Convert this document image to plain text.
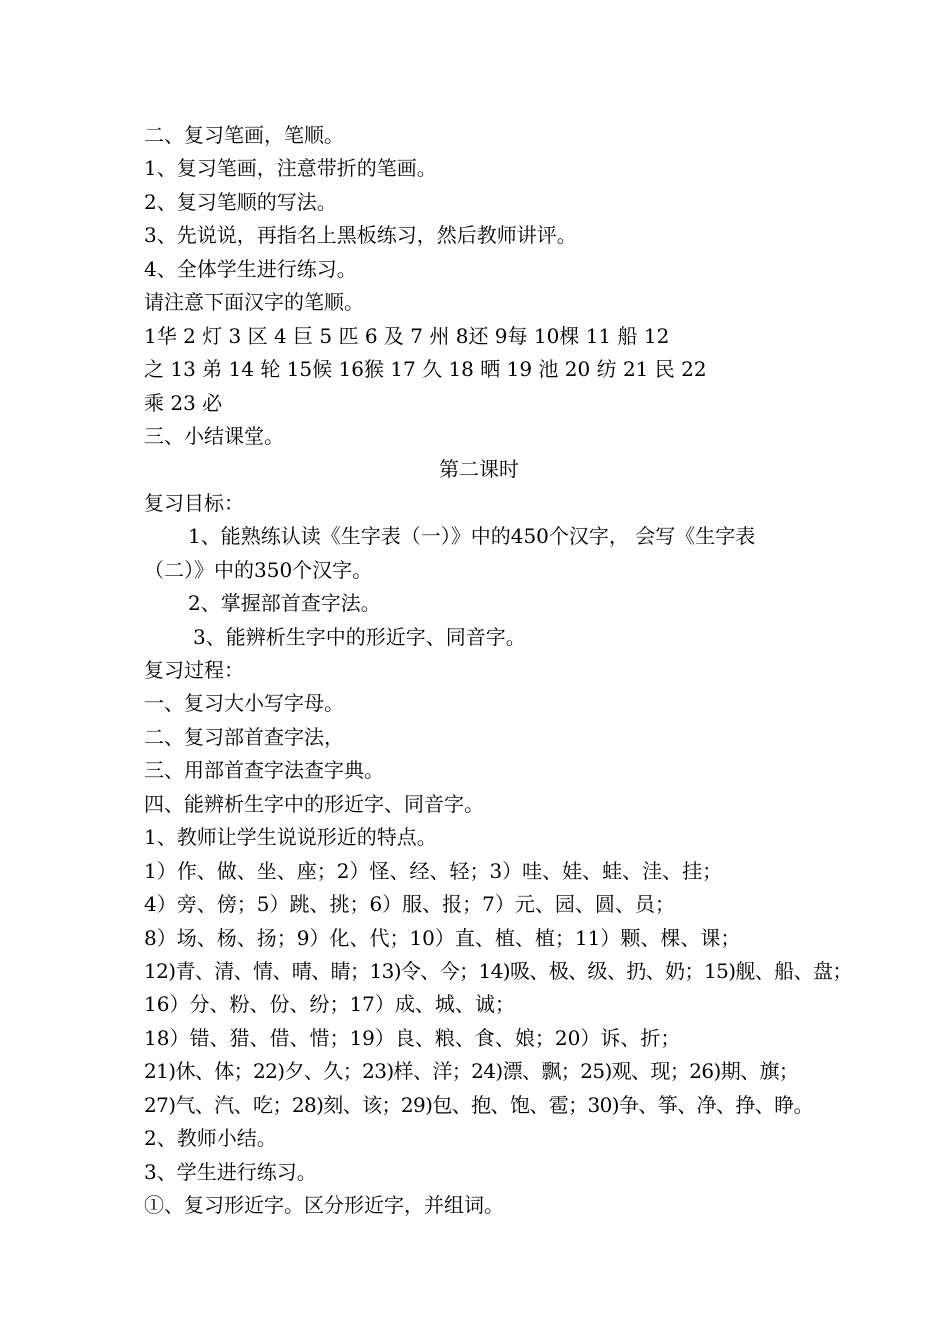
二、复习笔画，笔顺。
1、复习笔画，注意带折的笔画。
2、复习笔顺的写法。
3、先说说，再指名上黑板练习，然后教师讲评。
4、全体学生进行练习。
请注意下面汉字的笔顺。
1华 2 灯 3 区 4 巨 5 匹 6 及 7 州 8还 9每 10棵 11 船 12
之 13 弟 14 轮 15候 16猴 17 久 18 晒 19 池 20 纺 21 民 22
乘 23 必
三、小结课堂。
第二课时
复习目标：
1、能熟练认读《生字表（一）》中的450个汉字， 会写《生字表
（二）》中的350个汉字。
2、掌握部首查字法。
3、能辨析生字中的形近字、同音字。
复习过程：
一、复习大小写字母。
二、复习部首查字法，
三、用部首查字法查字典。
四、能辨析生字中的形近字、同音字。
1、教师让学生说说形近的特点。
1）作、做、坐、座；2）怪、经、轻；3）哇、娃、蛙、洼、挂；
4）旁、傍；5）跳、挑；6）服、报；7）元、园、圆、员；
8）场、杨、扬；9）化、代；10）直、植、植；11）颗、棵、课；
12)青、清、情、晴、睛；13)令、今；14)吸、极、级、扔、奶；15)舰、船、盘；
16）分、粉、份、纷；17）成、城、诚；
18）错、猎、借、惜；19）良、粮、食、娘；20）诉、折；
21)休、体；22)夕、久；23)样、洋；24)漂、飘；25)观、现；26)期、旗；
27)气、汽、吃；28)刻、该；29)包、抱、饱、雹；30)争、筝、净、挣、睁。
2、教师小结。
3、学生进行练习。
①、复习形近字。区分形近字，并组词。
